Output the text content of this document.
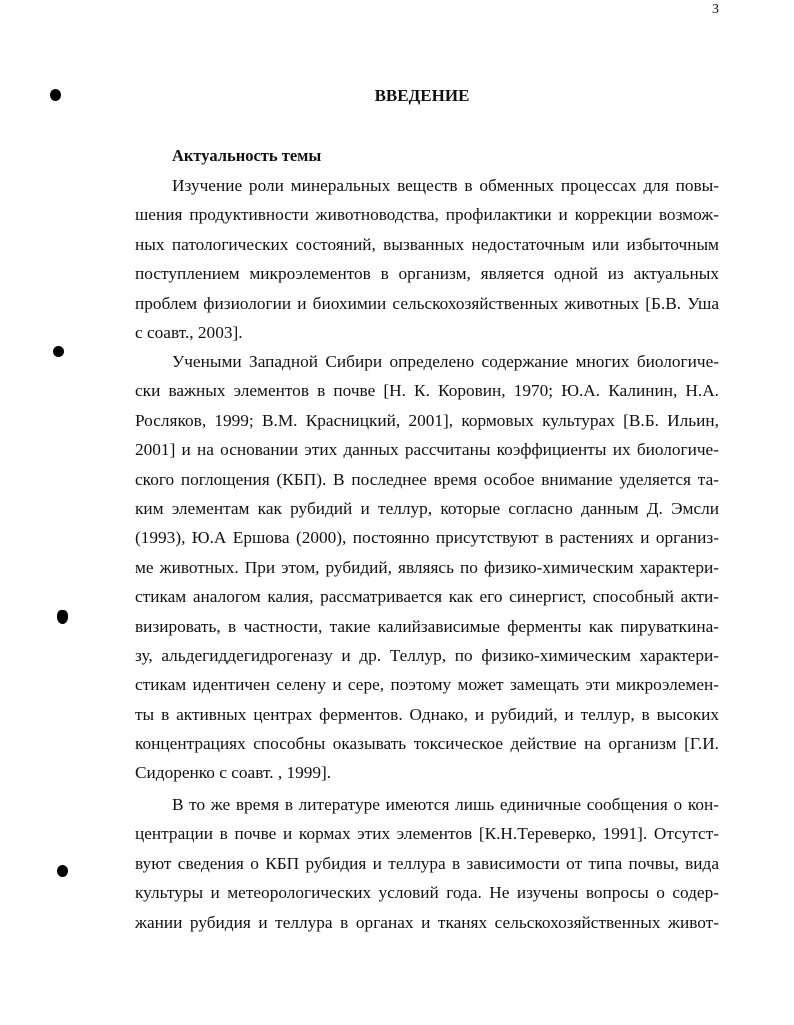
3
ВВЕДЕНИЕ
Актуальность темы
Изучение роли минеральных веществ в обменных процессах для повы-
шения продуктивности животноводства, профилактики и коррекции возмож-
ных патологических состояний, вызванных недостаточным или избыточным
поступлением микроэлементов в организм, является одной из актуальных
проблем физиологии и биохимии сельскохозяйственных животных [Б.В. Уша
с соавт., 2003].
Учеными Западной Сибири определено содержание многих биологиче-
ски важных элементов в почве [Н. К. Коровин, 1970; Ю.А. Калинин, Н.А.
Росляков, 1999; В.М. Красницкий, 2001], кормовых культурах [В.Б. Ильин,
2001] и на основании этих данных рассчитаны коэффициенты их биологиче-
ского поглощения (КБП). В последнее время особое внимание уделяется та-
ким элементам как рубидий и теллур, которые согласно данным Д. Эмсли
(1993), Ю.А Ершова (2000), постоянно присутствуют в растениях и организ-
ме животных. При этом, рубидий, являясь по физико-химическим характери-
стикам аналогом калия, рассматривается как его синергист, способный акти-
визировать, в частности, такие калийзависимые ферменты как пируваткина-
зу, альдегиддегидрогеназу и др. Теллур, по физико-химическим характери-
стикам идентичен селену и сере, поэтому может замещать эти микроэлемен-
ты в активных центрах ферментов. Однако, и рубидий, и теллур, в высоких
концентрациях способны оказывать токсическое действие на организм [Г.И.
Сидоренко с соавт. , 1999].
В то же время в литературе имеются лишь единичные сообщения о кон-
центрации в почве и кормах этих элементов [К.Н.Тереверко, 1991]. Отсутст-
вуют сведения о КБП рубидия и теллура в зависимости от типа почвы, вида
культуры и метеорологических условий года. Не изучены вопросы о содер-
жании рубидия и теллура в органах и тканях сельскохозяйственных живот-
